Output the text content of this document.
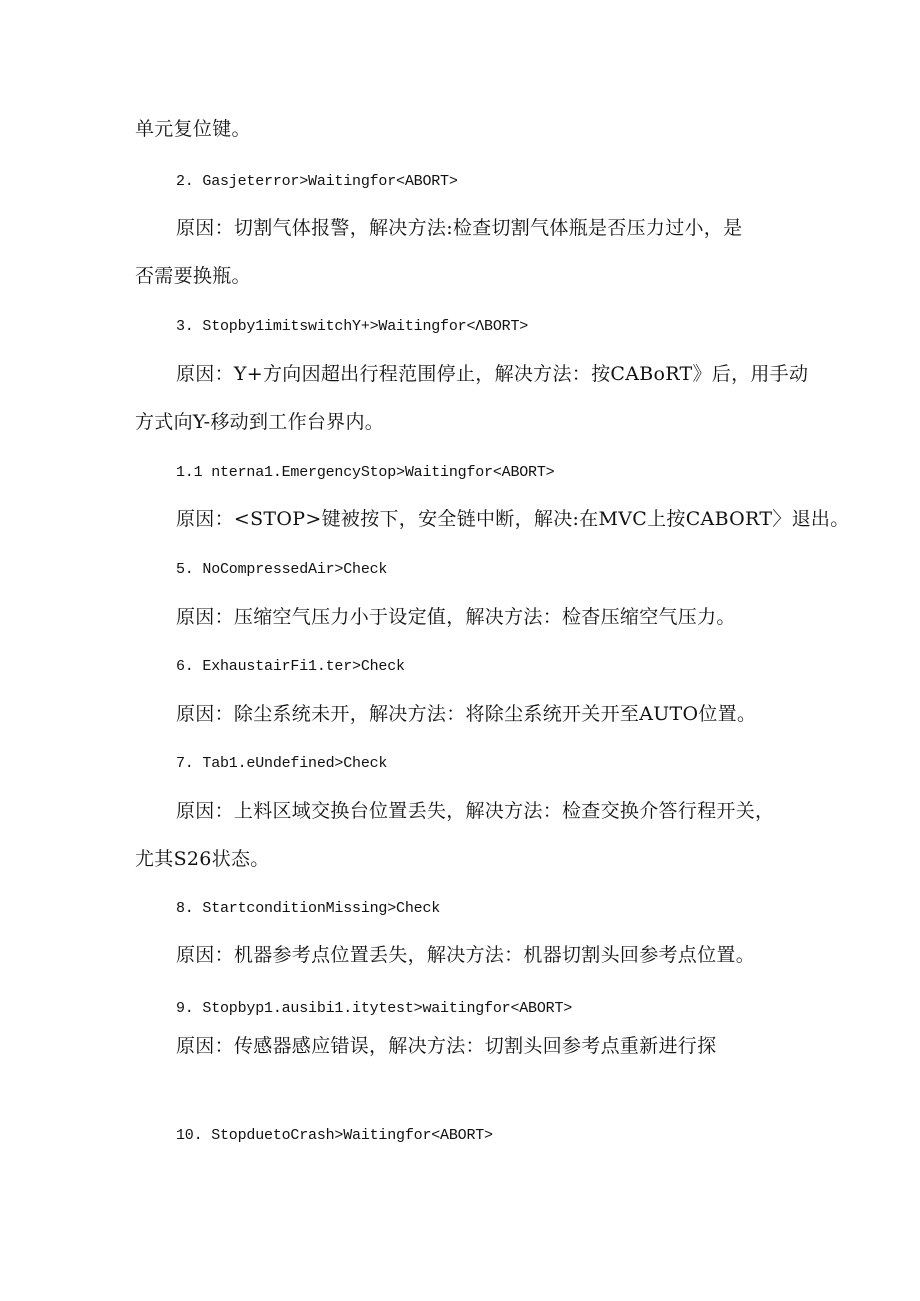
单元复位键。
2. Gasjeterror>Waitingfor<ABORT>
原因：切割气体报警，解决方法:检查切割气体瓶是否压力过小，是
否需要换瓶。
3. Stopby1imitswitchY+>Waitingfor<ΛBORT>
原因：Y+方向因超出行程范围停止，解决方法：按CABoRT》后，用手动
方式向Y-移动到工作台界内。
1.1 nterna1.EmergencyStop>Waitingfor<ABORT>
原因：<STOP>键被按下，安全链中断，解决:在MVC上按CABORT〉退出。
5. NoCompressedAir>Check
原因：压缩空气压力小于设定值，解决方法：检杳压缩空气压力。
6. ExhaustairFi1.ter>Check
原因：除尘系统未开，解决方法：将除尘系统开关开至AUTO位置。
7. Tab1.eUndefined>Check
原因：上料区域交换台位置丢失，解决方法：检查交换介答行程开关，
尤其S26状态。
8. StartconditionMissing>Check
原因：机器参考点位置丢失，解决方法：机器切割头回参考点位置。
9. Stopbyp1.ausibi1.itytest>waitingfor<ABORT>
原因：传感器感应错误，解决方法：切割头回参考点重新进行探
10. StopduetoCrash>Waitingfor<ABORT>
